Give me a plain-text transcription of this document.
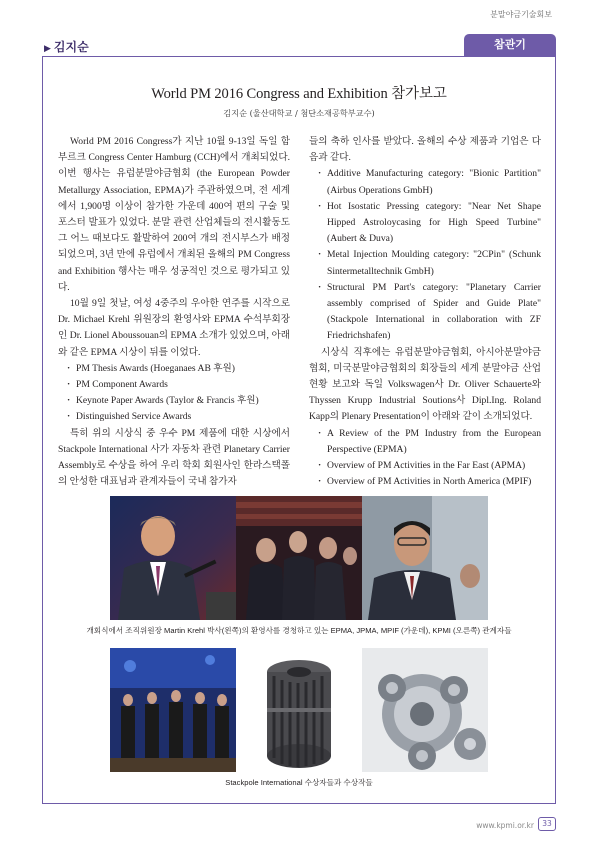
분말야금기술회보
▶ 김지순	참관기
World PM 2016 Congress and Exhibition 참가보고
김지순 (울산대학교 / 첨단소재공학부교수)

World PM 2016 Congress가 지난 10월 9-13일 독일 함부르크 Congress Center Hamburg (CCH)에서 개최되었다. 이번 행사는 유럽분말야금협회 (the European Powder Metallurgy Association, EPMA)가 주관하였으며, 전 세계에서 1,900명 이상이 참가한 가운데 400여 편의 구술 및 포스터 발표가 있었다. 분말 관련 산업체들의 전시활동도 그 어느 때보다도 활발하여 200여 개의 전시부스가 배정되었으며, 3년 만에 유럽에서 개최된 올해의 PM Congress and Exhibition 행사는 매우 성공적인 것으로 평가되고 있다.

10월 9일 첫날, 여성 4중주의 우아한 연주를 시작으로 Dr. Michael Krehl 위원장의 환영사와 EPMA 수석부회장인 Dr. Lionel Aboussouan의 EPMA 소개가 있었으며, 아래와 같은 EPMA 시상이 뒤를 이었다.

· PM Thesis Awards (Hoeganaes AB 후원)
· PM Component Awards
· Keynote Paper Awards (Taylor & Francis 후원)
· Distinguished Service Awards

특히 위의 시상식 중 우수 PM 제품에 대한 시상에서 Stackpole International 사가 자동차 관련 Planetary Carrier Assembly로 수상을 하여 우리 학회 회원사인 한라스택폴의 안성한 대표님과 관계자들이 국내 참가자

들의 축하 인사를 받았다. 올해의 수상 제품과 기업은 다음과 같다.

· Additive Manufacturing category: "Bionic Partition" (Airbus Operations GmbH)
· Hot Isostatic Pressing category: "Near Net Shape Hipped Astroloycasing for High Speed Turbine" (Aubert & Duva)
· Metal Injection Moulding category: "2CPin" (Schunk Sintermetalltechnik GmbH)
· Structural PM Part's category: "Planetary Carrier assembly comprised of Spider and Guide Plate" (Stackpole International in collaboration with ZF Friedrichshafen)

시상식 직후에는 유럽분말야금협회, 아시아분말야금협회, 미국분말야금협회의 회장들의 세계 분말야금 산업 현황 보고와 독일 Volkswagen사 Dr. Oliver Schauerte와 Thyssen Krupp Industrial Soutions사 Dipl.Ing. Roland Kapp의 Plenary Presentation이 아래와 같이 소개되었다.

· A Review of the PM Industry from the European Perspective (EPMA)
· Overview of PM Activities in the Far East (APMA)
· Overview of PM Activities in North America (MPIF)
개회식에서 조직위원장 Martin Krehl 박사(왼쪽)의 환영사를 경청하고 있는 EPMA, JPMA, MPIF (가운데), KPMI (오른쪽) 관계자들
Stackpole International 수상자들과 수상작들
www.kpmi.or.kr	33
